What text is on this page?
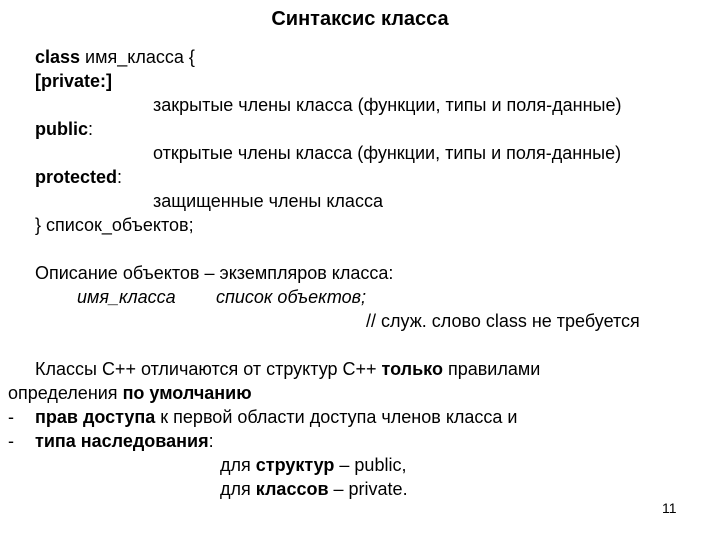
Синтаксис класса
class имя_класса {
[private:]
закрытые члены класса (функции, типы и поля-данные)
public:
открытые члены класса (функции, типы и поля-данные)
protected:
защищенные члены класса
} список_объектов;
Описание объектов – экземпляров класса:
имя_класса список объектов;
// служ. слово class не требуется
Классы С++ отличаются от структур С++ только правилами
определения по умолчанию
- прав доступа к первой области доступа членов класса и
- типа наследования:
для структур – public,
для классов – private.
11
